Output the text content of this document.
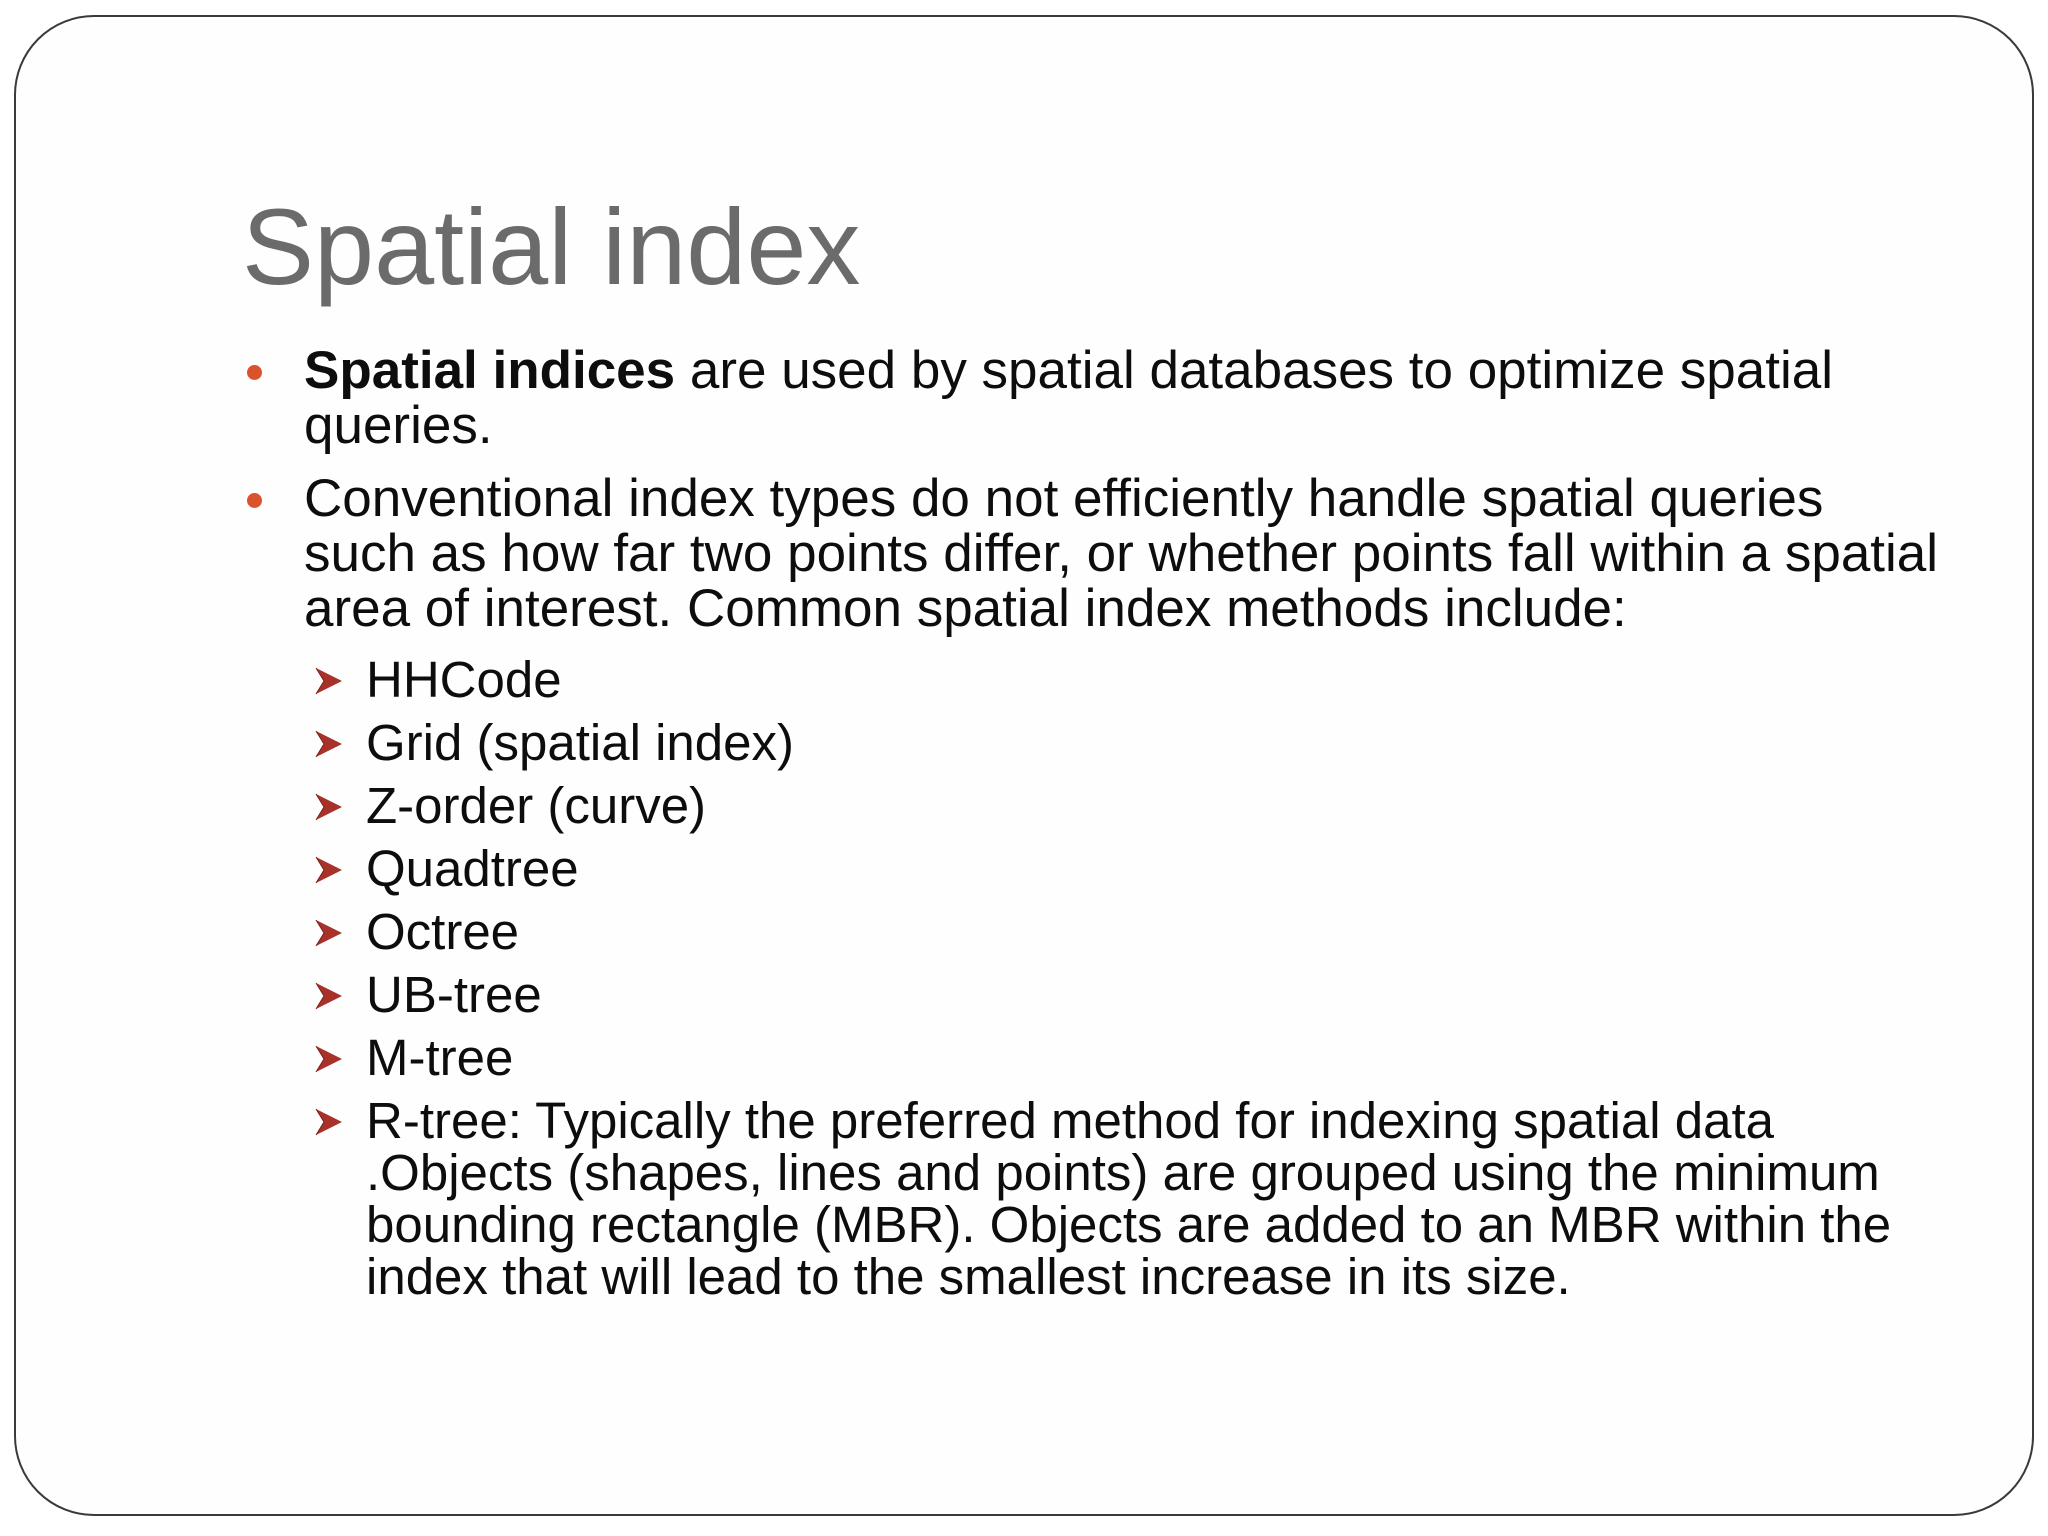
Spatial index
Spatial indices are used by spatial databases to optimize spatial queries.
Conventional index types do not efficiently handle spatial queries such as how far two points differ, or whether points fall within a spatial area of interest. Common spatial index methods include:
HHCode
Grid (spatial index)
Z-order (curve)
Quadtree
Octree
UB-tree
M-tree
R-tree: Typically the preferred method for indexing spatial data .Objects (shapes, lines and points) are grouped using the minimum bounding rectangle (MBR). Objects are added to an MBR within the index that will lead to the smallest increase in its size.
